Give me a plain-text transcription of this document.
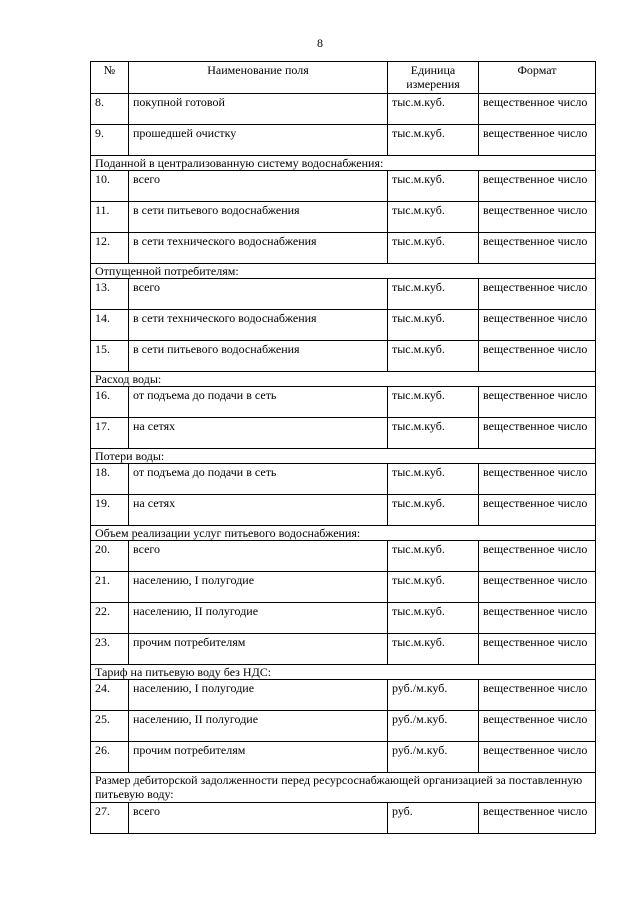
8
№	Наименование поля	Единица измерения	Формат
8.	покупной готовой	тыс.м.куб.	вещественное число
9.	прошедшей очистку	тыс.м.куб.	вещественное число
Поданной в централизованную систему водоснабжения:			
10.	всего	тыс.м.куб.	вещественное число
11.	в сети питьевого водоснабжения	тыс.м.куб.	вещественное число
12.	в сети технического водоснабжения	тыс.м.куб.	вещественное число
Отпущенной потребителям:			
13.	всего	тыс.м.куб.	вещественное число
14.	в сети технического водоснабжения	тыс.м.куб.	вещественное число
15.	в сети питьевого водоснабжения	тыс.м.куб.	вещественное число
Расход воды:			
16.	от подъема до подачи в сеть	тыс.м.куб.	вещественное число
17.	на сетях	тыс.м.куб.	вещественное число
Потери воды:			
18.	от подъема до подачи в сеть	тыс.м.куб.	вещественное число
19.	на сетях	тыс.м.куб.	вещественное число
Объем реализации услуг питьевого водоснабжения:			
20.	всего	тыс.м.куб.	вещественное число
21.	населению, I полугодие	тыс.м.куб.	вещественное число
22.	населению, II полугодие	тыс.м.куб.	вещественное число
23.	прочим потребителям	тыс.м.куб.	вещественное число
Тариф на питьевую воду без НДС:			
24.	населению, I полугодие	руб./м.куб.	вещественное число
25.	населению, II полугодие	руб./м.куб.	вещественное число
26.	прочим потребителям	руб./м.куб.	вещественное число
Размер дебиторской задолженности перед ресурсоснабжающей организацией за поставленную питьевую воду:			
27.	всего	руб.	вещественное число
